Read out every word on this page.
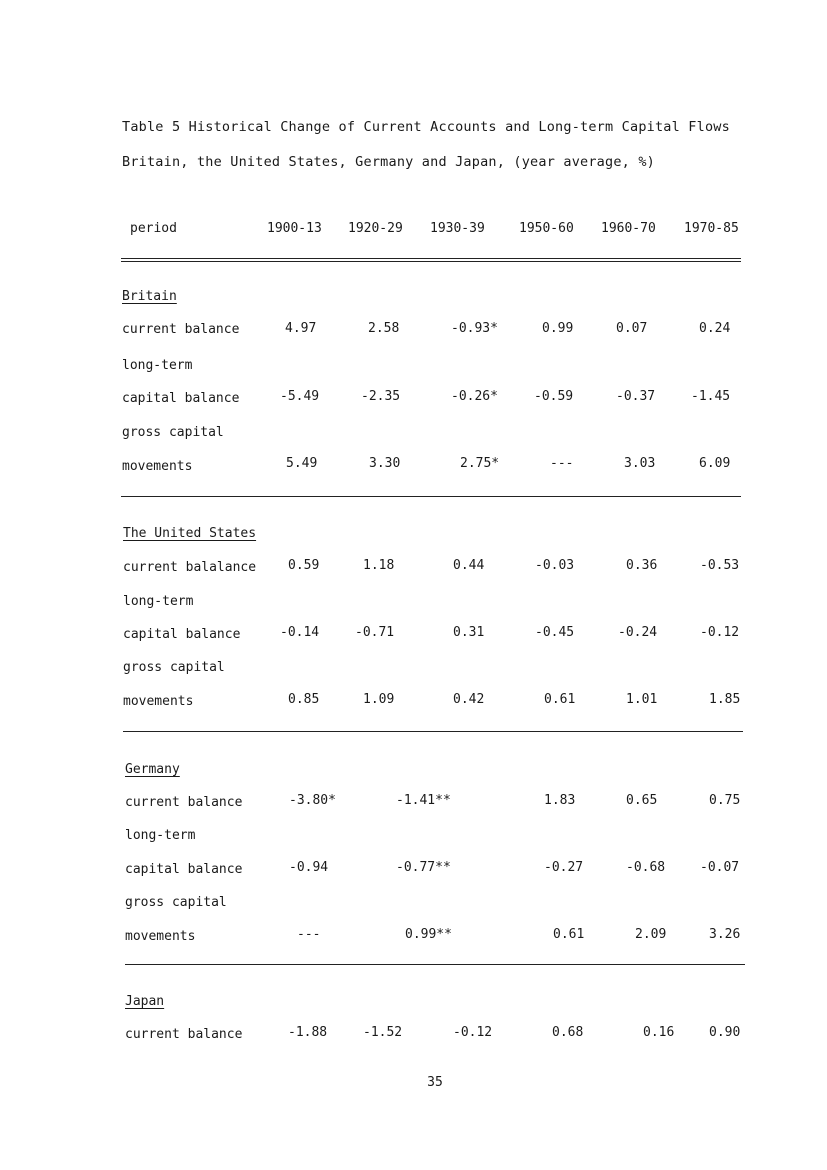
Table 5 Historical Change of Current Accounts and Long-term Capital Flows
Britain, the United States, Germany and Japan, (year average, %)
period	1900-13 1920-29 1930-39	1950-60 1960-70 1970-85
Britain
current balance	4.97	2.58	-0.93*	0.99	0.07	0.24
long-term
capital balance	-5.49	-2.35	-0.26*	-0.59	-0.37	-1.45
gross capital
movements	5.49	3.30	2.75*	---	3.03	6.09
The United States
current balalance 0.59	1.18	0.44	-0.03	0.36	-0.53
long-term
capital balance	-0.14	-0.71	0.31	-0.45	-0.24	-0.12
gross capital
movements	0.85	1.09	0.42	0.61	1.01	1.85
Germany
current balance	-3.80*	-1.41**	1.83	0.65	0.75
long-term
capital balance	-0.94	-0.77**	-0.27	-0.68	-0.07
gross capital
movements	---	0.99**	0.61	2.09	3.26
Japan
current balance	-1.88	-1.52	-0.12	0.68	0.16	0.90
35
